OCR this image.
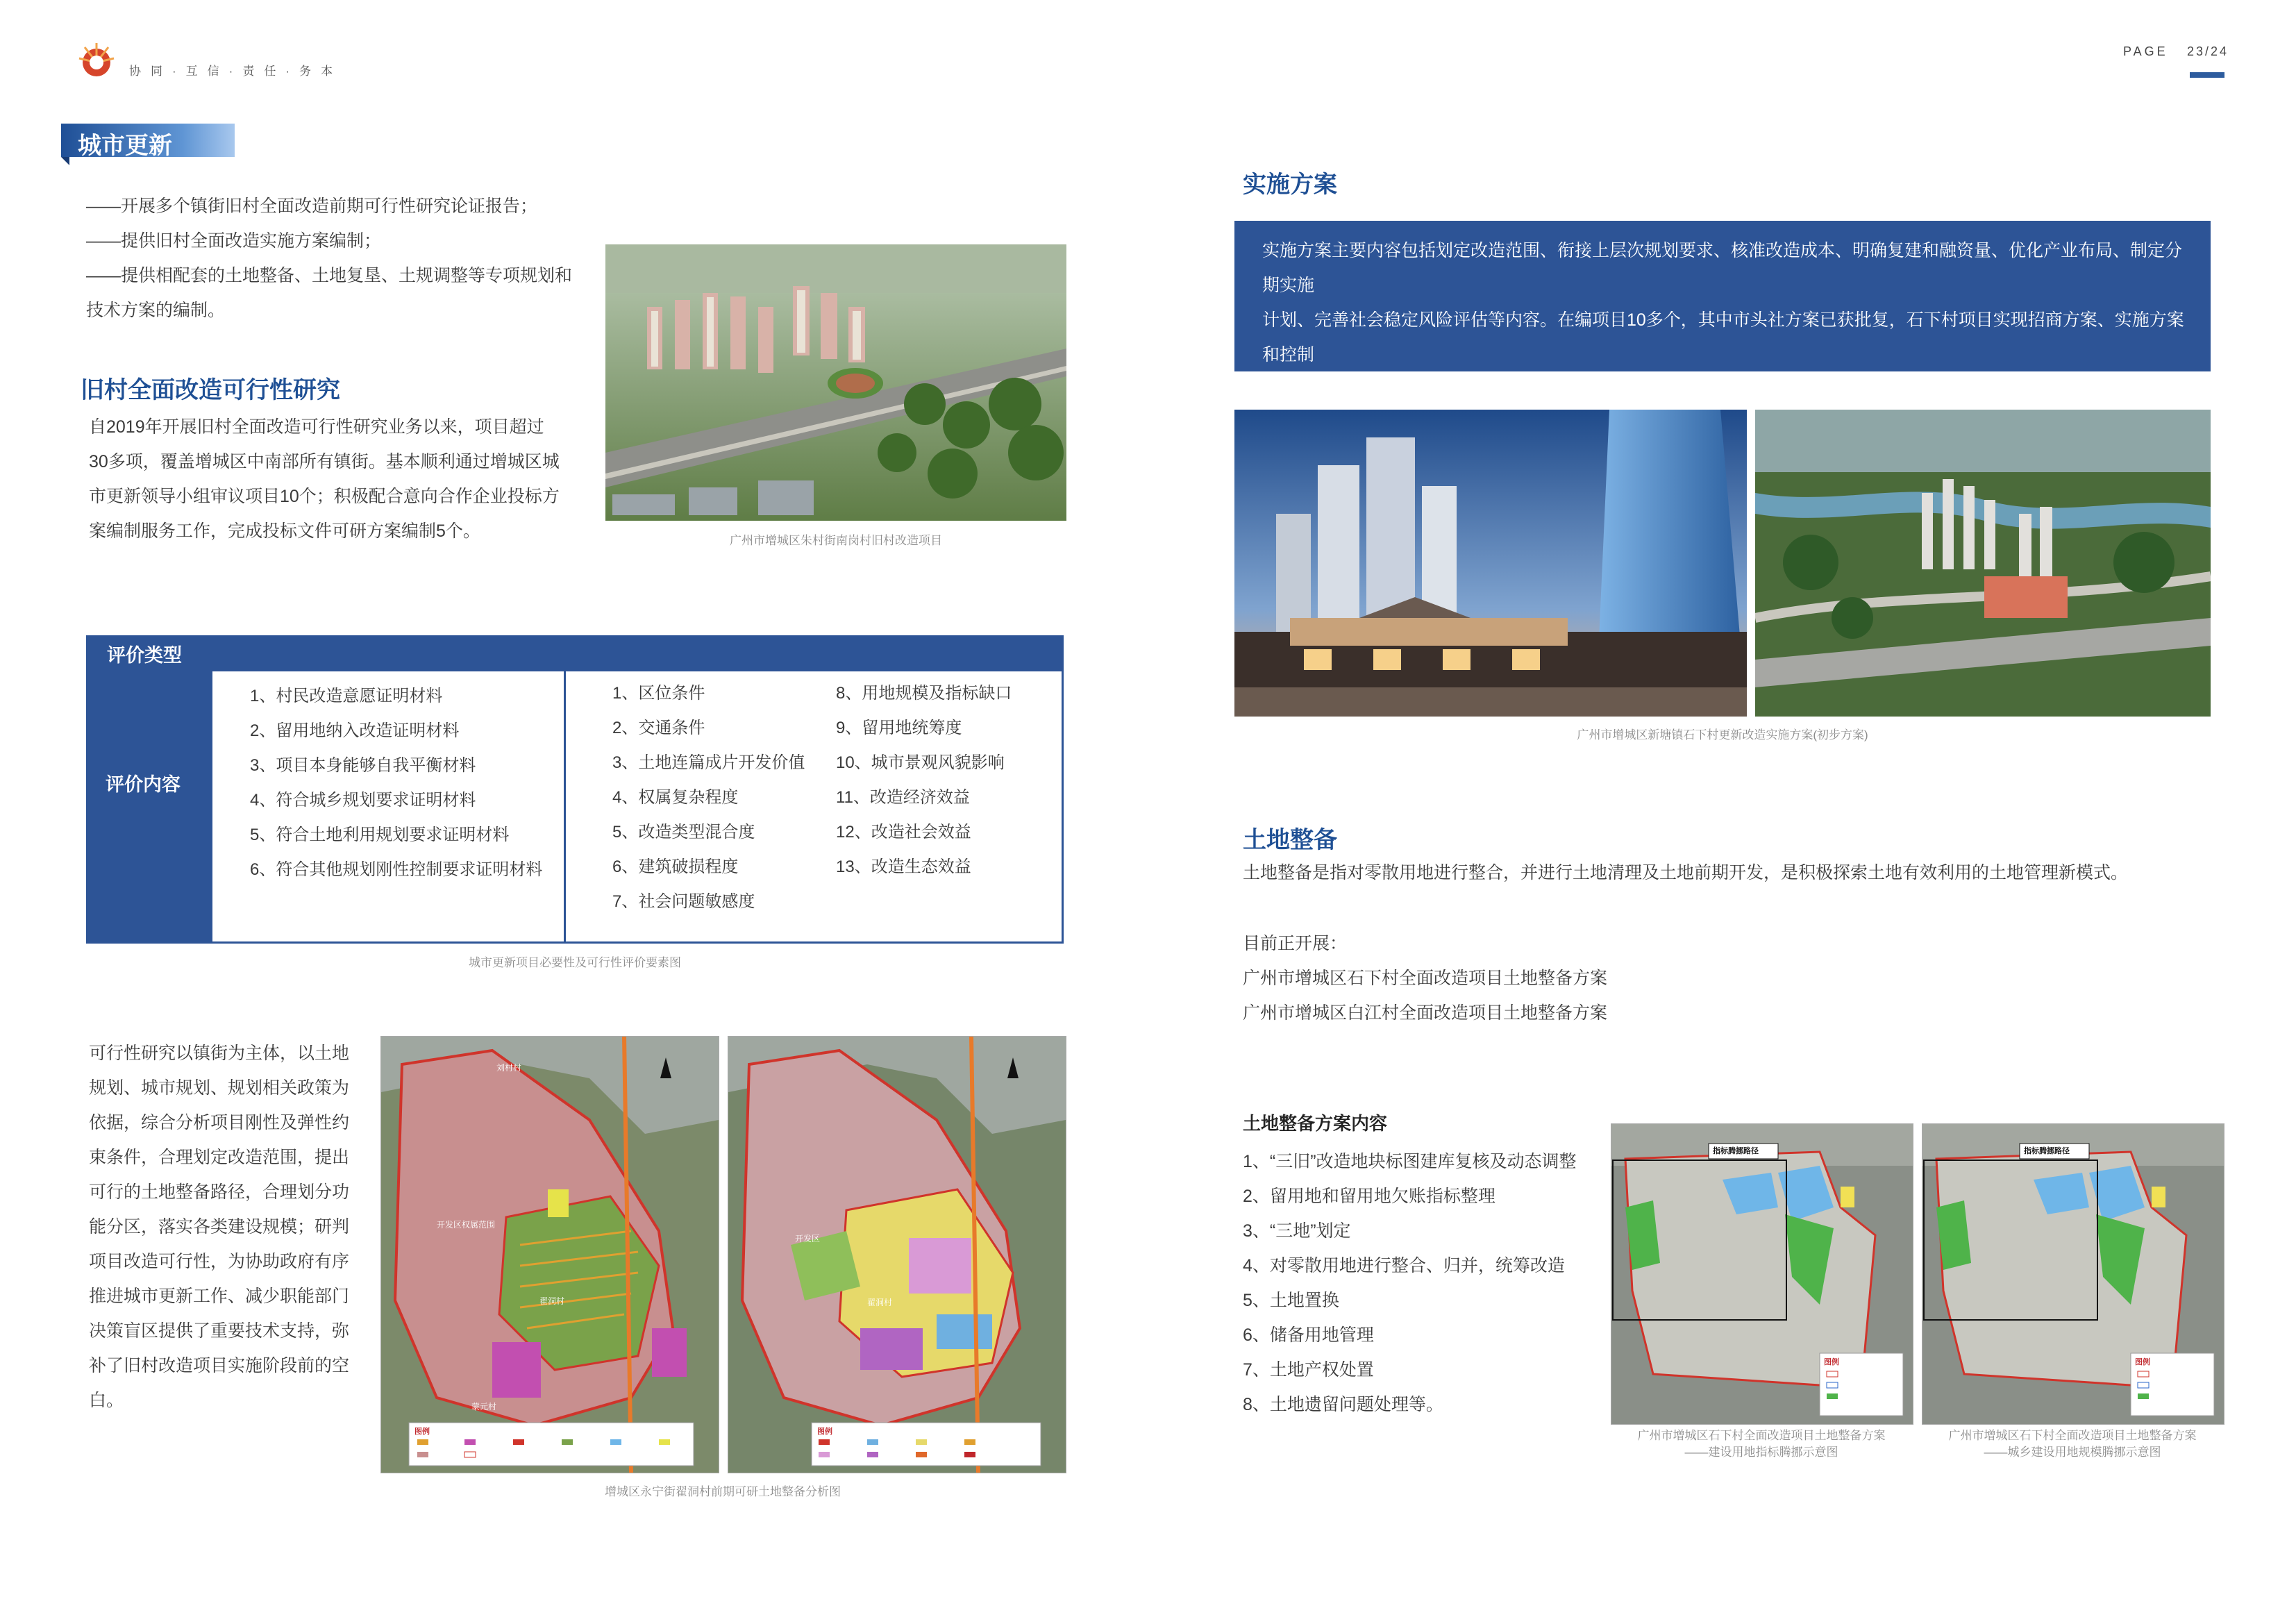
协同·互信·责任·务本
PAGE 23/24
城市更新
——开展多个镇街旧村全面改造前期可行性研究论证报告；
——提供旧村全面改造实施方案编制；
——提供相配套的土地整备、土地复垦、土规调整等专项规划和
技术方案的编制。
广州市增城区朱村街南岗村旧村改造项目
旧村全面改造可行性研究
自2019年开展旧村全面改造可行性研究业务以来，项目超过
30多项，覆盖增城区中南部所有镇街。基本顺利通过增城区城
市更新领导小组审议项目10个；积极配合意向合作企业投标方
案编制服务工作，完成投标文件可研方案编制5个。
评价类型
评价内容
1、村民改造意愿证明材料
2、留用地纳入改造证明材料
3、项目本身能够自我平衡材料
4、符合城乡规划要求证明材料
5、符合土地利用规划要求证明材料
6、符合其他规划刚性控制要求证明材料
1、区位条件
2、交通条件
3、土地连篇成片开发价值
4、权属复杂程度
5、改造类型混合度
6、建筑破损程度
7、社会问题敏感度
8、用地规模及指标缺口
9、留用地统筹度
10、城市景观风貌影响
11、改造经济效益
12、改造社会效益
13、改造生态效益
城市更新项目必要性及可行性评价要素图
可行性研究以镇街为主体，以土地
规划、城市规划、规划相关政策为
依据，综合分析项目刚性及弹性约
束条件，合理划定改造范围，提出
可行的土地整备路径，合理划分功
能分区，落实各类建设规模；研判
项目改造可行性，为协助政府有序
推进城市更新工作、减少职能部门
决策盲区提供了重要技术支持，弥
补了旧村改造项目实施阶段前的空
白。
刘村村
开发区权属范围
翟洞村
蒙元村
图例
开发区
翟洞村
图例
增城区永宁街翟洞村前期可研土地整备分析图
实施方案
实施方案主要内容包括划定改造范围、衔接上层次规划要求、核准改造成本、明确复建和融资量、优化产业布局、制定分期实施
计划、完善社会稳定风险评估等内容。在编项目10多个，其中市头社方案已获批复，石下村项目实现招商方案、实施方案和控制
性详细规划调整方案全程服务的工作方式。
广州市增城区新塘镇石下村更新改造实施方案(初步方案)
土地整备
土地整备是指对零散用地进行整合，并进行土地清理及土地前期开发，是积极探索土地有效利用的土地管理新模式。
目前正开展：
广州市增城区石下村全面改造项目土地整备方案
广州市增城区白江村全面改造项目土地整备方案
土地整备方案内容
1、“三旧”改造地块标图建库复核及动态调整
2、留用地和留用地欠账指标整理
3、“三地”划定
4、对零散用地进行整合、归并，统筹改造
5、土地置换
6、储备用地管理
7、土地产权处置
8、土地遗留问题处理等。
指标腾挪路径
图例
指标腾挪路径
图例
广州市增城区石下村全面改造项目土地整备方案
——建设用地指标腾挪示意图
广州市增城区石下村全面改造项目土地整备方案
——城乡建设用地规模腾挪示意图
